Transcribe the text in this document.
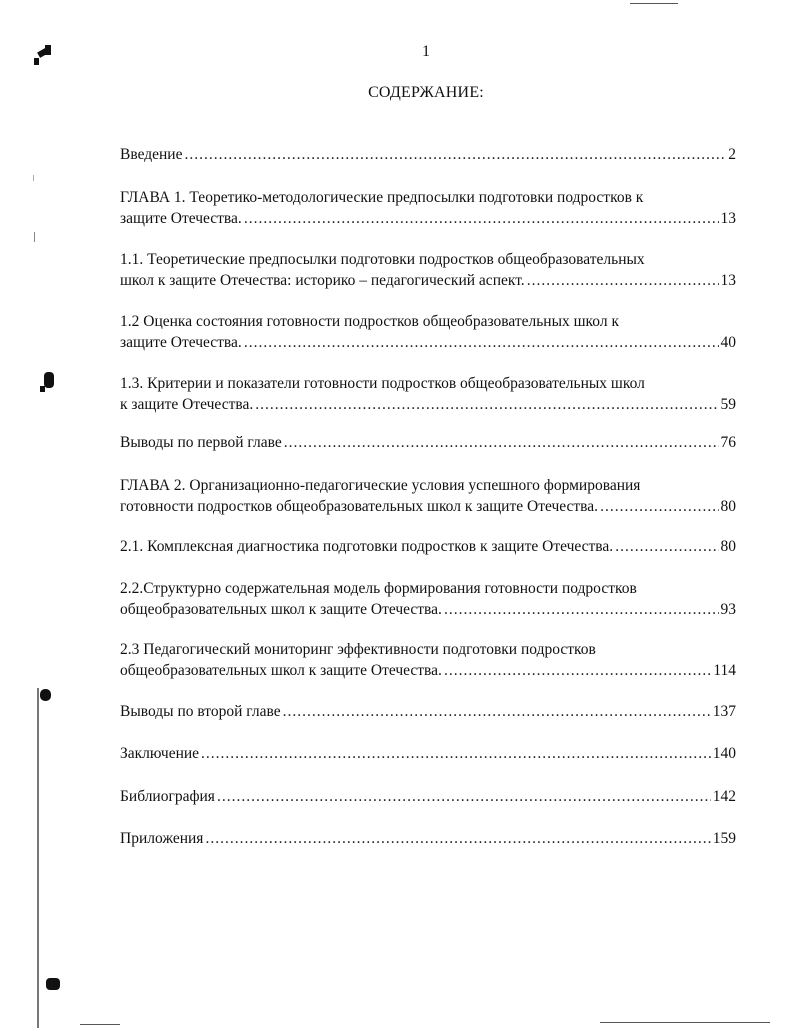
1
СОДЕРЖАНИЕ:
Введение .....	2
ГЛАВА 1. Теоретико-методологические предпосылки подготовки подростков к
защите Отечества. .....	13
1.1. Теоретические предпосылки подготовки подростков общеобразовательных
школ к защите Отечества: историко – педагогический аспект. .....	13
1.2 Оценка состояния готовности подростков общеобразовательных школ к
защите Отечества. .....	40
1.3. Критерии и показатели готовности подростков общеобразовательных школ
к защите Отечества. .....	59
Выводы по первой главе .....	76
ГЛАВА 2. Организационно-педагогические условия успешного формирования
готовности подростков общеобразовательных школ к защите Отечества. .....	80
2.1. Комплексная диагностика подготовки подростков к защите Отечества. .....	80
2.2.Структурно содержательная модель формирования готовности подростков
общеобразовательных школ к защите Отечества. .....	93
2.3 Педагогический мониторинг эффективности подготовки подростков
общеобразовательных школ к защите Отечества. .....	114
Выводы по второй главе .....	137
Заключение .....	140
Библиография .....	142
Приложения .....	159
